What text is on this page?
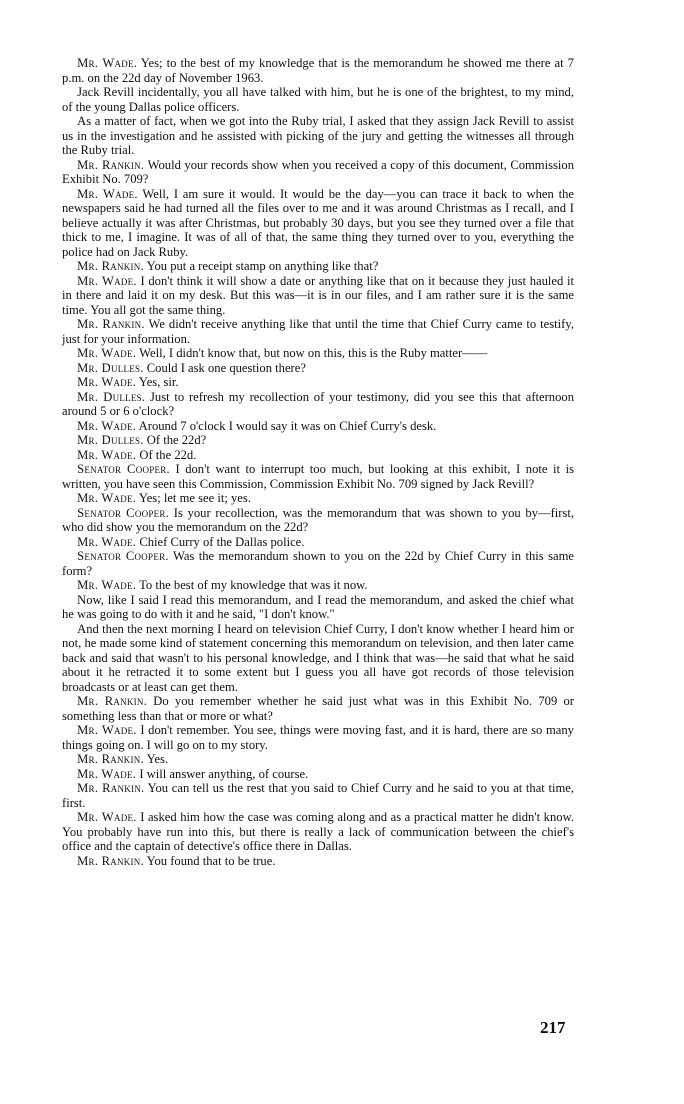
Mr. Wade. Yes; to the best of my knowledge that is the memorandum he showed me there at 7 p.m. on the 22d day of November 1963.

Jack Revill incidentally, you all have talked with him, but he is one of the brightest, to my mind, of the young Dallas police officers.

As a matter of fact, when we got into the Ruby trial, I asked that they assign Jack Revill to assist us in the investigation and he assisted with picking of the jury and getting the witnesses all through the Ruby trial.

Mr. Rankin. Would your records show when you received a copy of this document, Commission Exhibit No. 709?

Mr. Wade. Well, I am sure it would. It would be the day—you can trace it back to when the newspapers said he had turned all the files over to me and it was around Christmas as I recall, and I believe actually it was after Christmas, but probably 30 days, but you see they turned over a file that thick to me, I imagine. It was of all of that, the same thing they turned over to you, everything the police had on Jack Ruby.

Mr. Rankin. You put a receipt stamp on anything like that?

Mr. Wade. I don't think it will show a date or anything like that on it because they just hauled it in there and laid it on my desk. But this was—it is in our files, and I am rather sure it is the same time. You all got the same thing.

Mr. Rankin. We didn't receive anything like that until the time that Chief Curry came to testify, just for your information.

Mr. Wade. Well, I didn't know that, but now on this, this is the Ruby matter——

Mr. Dulles. Could I ask one question there?

Mr. Wade. Yes, sir.

Mr. Dulles. Just to refresh my recollection of your testimony, did you see this that afternoon around 5 or 6 o'clock?

Mr. Wade. Around 7 o'clock I would say it was on Chief Curry's desk.

Mr. Dulles. Of the 22d?

Mr. Wade. Of the 22d.

Senator Cooper. I don't want to interrupt too much, but looking at this exhibit, I note it is written, you have seen this Commission, Commission Exhibit No. 709 signed by Jack Revill?

Mr. Wade. Yes; let me see it; yes.

Senator Cooper. Is your recollection, was the memorandum that was shown to you by—first, who did show you the memorandum on the 22d?

Mr. Wade. Chief Curry of the Dallas police.

Senator Cooper. Was the memorandum shown to you on the 22d by Chief Curry in this same form?

Mr. Wade. To the best of my knowledge that was it now.

Now, like I said I read this memorandum, and I read the memorandum, and asked the chief what he was going to do with it and he said, "I don't know."

And then the next morning I heard on television Chief Curry, I don't know whether I heard him or not, he made some kind of statement concerning this memorandum on television, and then later came back and said that wasn't to his personal knowledge, and I think that was—he said that what he said about it he retracted it to some extent but I guess you all have got records of those television broadcasts or at least can get them.

Mr. Rankin. Do you remember whether he said just what was in this Exhibit No. 709 or something less than that or more or what?

Mr. Wade. I don't remember. You see, things were moving fast, and it is hard, there are so many things going on. I will go on to my story.

Mr. Rankin. Yes.

Mr. Wade. I will answer anything, of course.

Mr. Rankin. You can tell us the rest that you said to Chief Curry and he said to you at that time, first.

Mr. Wade. I asked him how the case was coming along and as a practical matter he didn't know. You probably have run into this, but there is really a lack of communication between the chief's office and the captain of detective's office there in Dallas.

Mr. Rankin. You found that to be true.

217
